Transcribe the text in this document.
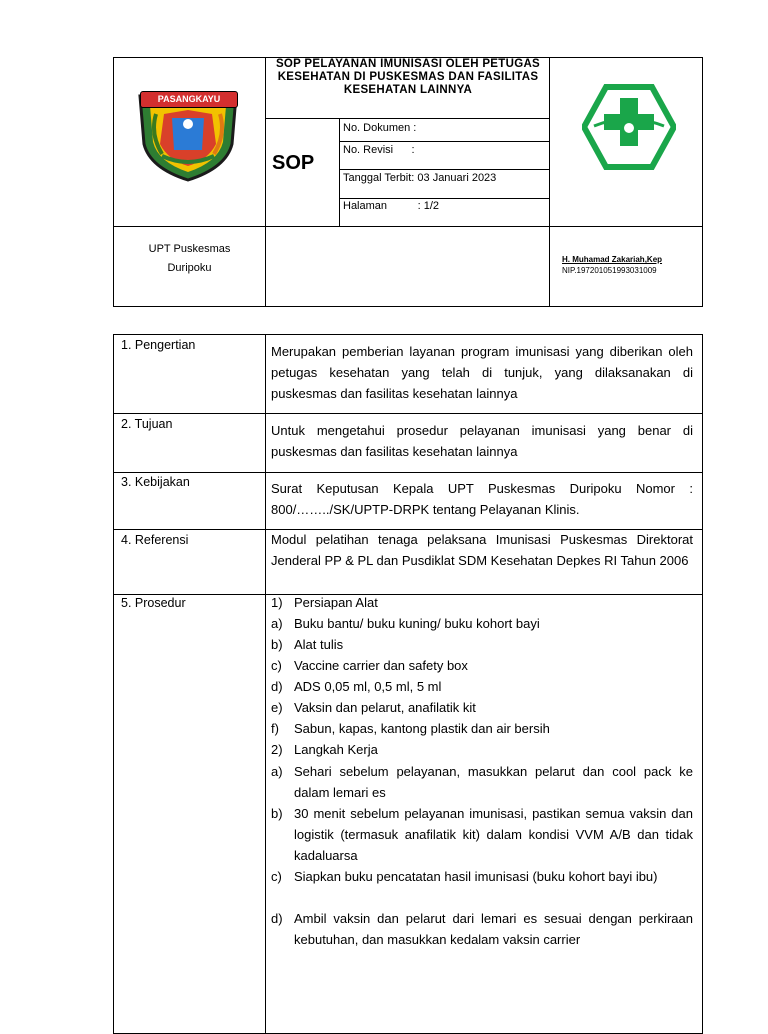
PASANGKAYU
SOP PELAYANAN IMUNISASI OLEH PETUGAS KESEHATAN DI PUSKESMAS DAN FASILITAS KESEHATAN LAINNYA
SOP
No. Dokumen :
No. Revisi      :
Tanggal Terbit: 03 Januari 2023
Halaman          : 1/2
UPT Puskesmas
Duripoku
H. Muhamad Zakariah,Kep
NIP.197201051993031009
1. Pengertian
2. Tujuan
3. Kebijakan
4. Referensi
5. Prosedur
Merupakan pemberian layanan program imunisasi yang diberikan oleh petugas kesehatan yang telah di tunjuk, yang dilaksanakan di puskesmas dan fasilitas kesehatan lainnya
Untuk mengetahui prosedur pelayanan imunisasi yang benar di puskesmas dan fasilitas kesehatan lainnya
Surat Keputusan Kepala UPT Puskesmas Duripoku Nomor : 800/……../SK/UPTP-DRPK tentang Pelayanan Klinis.
Modul pelatihan tenaga pelaksana Imunisasi Puskesmas Direktorat Jenderal PP & PL dan Pusdiklat SDM Kesehatan Depkes RI Tahun 2006
1) Persiapan Alat
a) Buku bantu/ buku kuning/ buku kohort bayi
b) Alat tulis
c) Vaccine carrier dan safety box
d) ADS 0,05 ml, 0,5 ml, 5 ml
e) Vaksin dan pelarut, anafilatik kit
f) Sabun, kapas, kantong plastik dan air bersih
2) Langkah Kerja
a) Sehari sebelum pelayanan, masukkan pelarut dan cool pack ke dalam lemari es
b) 30 menit sebelum pelayanan imunisasi, pastikan semua vaksin dan logistik (termasuk anafilatik kit) dalam kondisi VVM A/B dan tidak kadaluarsa
c) Siapkan buku pencatatan hasil imunisasi (buku kohort bayi ibu)
d) Ambil vaksin dan pelarut dari lemari es sesuai dengan perkiraan kebutuhan, dan masukkan kedalam vaksin carrier
